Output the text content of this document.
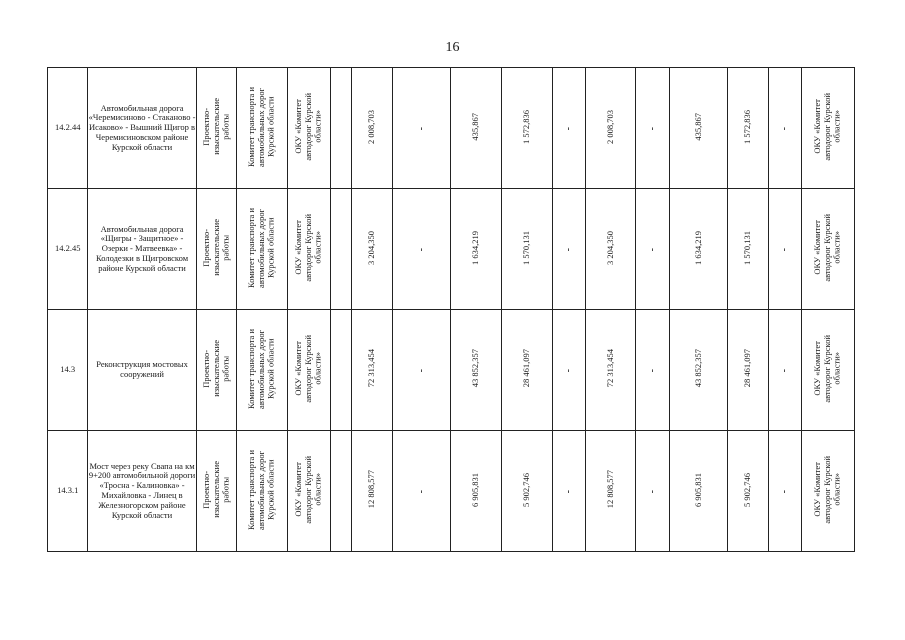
16
14.2.44	Автомобильная дорога «Черемисиново - Стаканово - Исаково» - Вышний Щигор в Черемисиновском районе Курской области	Проектно-
изыскательские
работы	Комитет транспорта и
автомобильных дорог
Курской области	ОКУ «Комитет
автодорог Курской
области»			2 008,703	-	435,867	1 572,836	-	2 008,703	-	435,867	1 572,836	-	ОКУ «Комитет
автодорог Курской
области»
14.2.45	Автомобильная дорога «Щигры - Защитное» - Озерки - Матвеевка» - Колодезки в Щигровском районе Курской области	Проектно-
изыскательские
работы	Комитет транспорта и
автомобильных дорог
Курской области	ОКУ «Комитет
автодорог Курской
области»			3 204,350	-	1 634,219	1 570,131	-	3 204,350	-	1 634,219	1 570,131	-	ОКУ «Комитет
автодорог Курской
области»
14.3	Реконструкция мостовых сооружений	Проектно-
изыскательские
работы	Комитет транспорта и
автомобильных дорог
Курской области	ОКУ «Комитет
автодорог Курской
области»			72 313,454	-	43 852,357	28 461,097	-	72 313,454	-	43 852,357	28 461,097	-	ОКУ «Комитет
автодорог Курской
области»
14.3.1	Мост через реку Свапа на км 9+200 автомобильной дороги «Троснa - Калиновка» - Михайловка - Линец в Железногорском районе Курской области	Проектно-
изыскательские
работы	Комитет транспорта и
автомобильных дорог
Курской области	ОКУ «Комитет
автодорог Курской
области»			12 808,577	-	6 905,831	5 902,746	-	12 808,577	-	6 905,831	5 902,746	-	ОКУ «Комитет
автодорог Курской
области»
